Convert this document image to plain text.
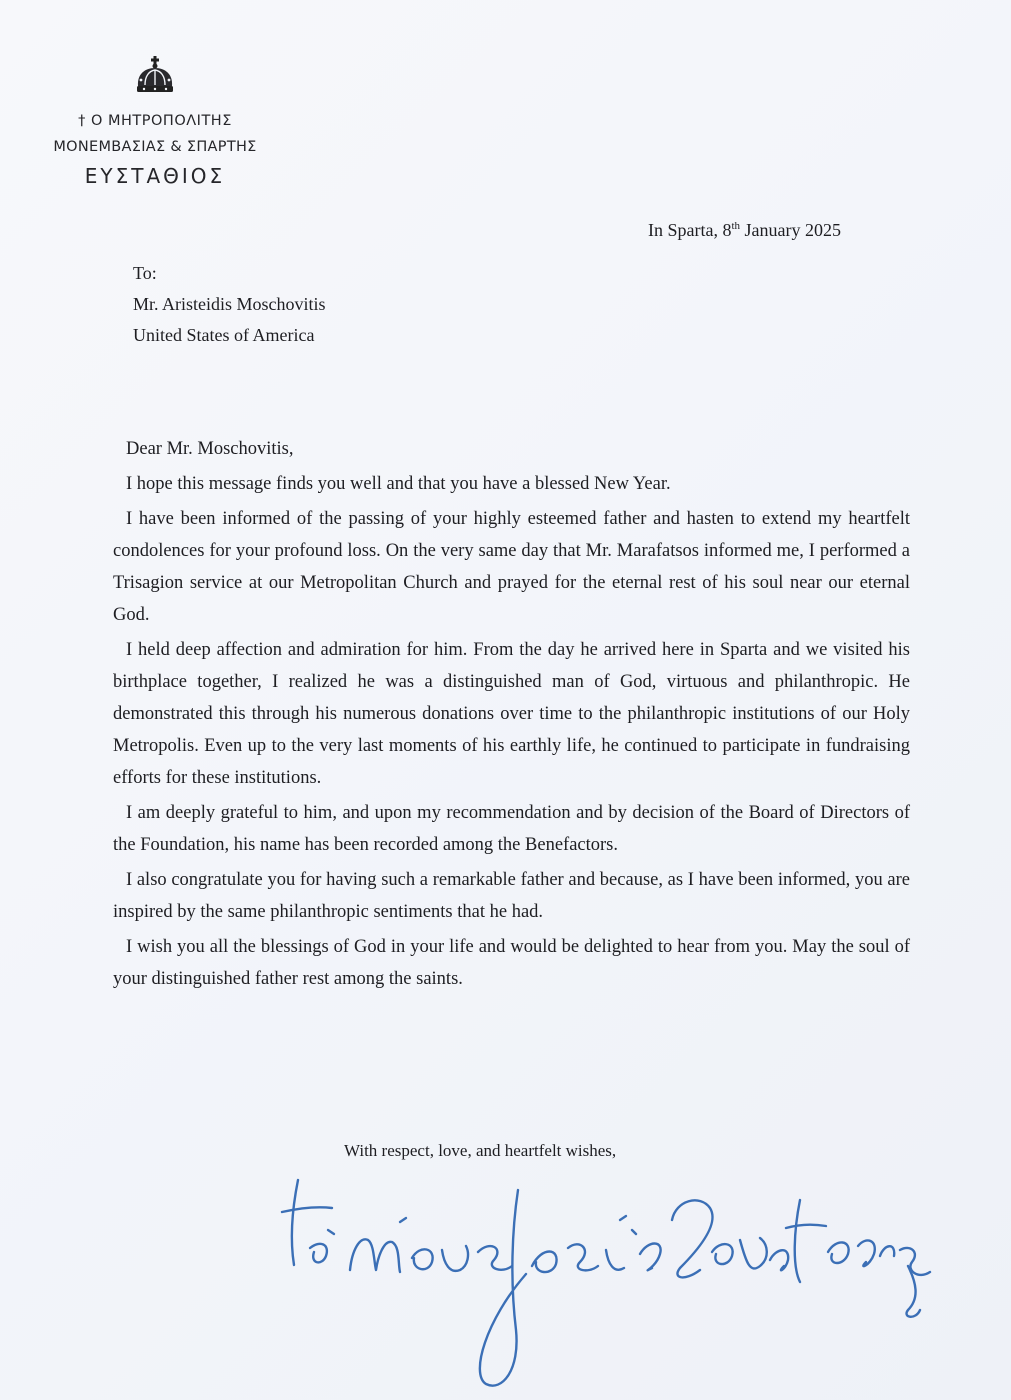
† Ο ΜΗΤΡΟΠΟΛΙΤΗΣ
ΜΟΝΕΜΒΑΣΙΑΣ & ΣΠΑΡΤΗΣ
ΕΥΣΤΑΘΙΟΣ
In Sparta, 8th January 2025
To:
Mr. Aristeidis Moschovitis
United States of America
Dear Mr. Moschovitis,

I hope this message finds you well and that you have a blessed New Year.

I have been informed of the passing of your highly esteemed father and hasten to extend my heartfelt condolences for your profound loss. On the very same day that Mr. Marafatsos informed me, I performed a Trisagion service at our Metropolitan Church and prayed for the eternal rest of his soul near our eternal God.

I held deep affection and admiration for him. From the day he arrived here in Sparta and we visited his birthplace together, I realized he was a distinguished man of God, virtuous and philanthropic. He demonstrated this through his numerous donations over time to the philanthropic institutions of our Holy Metropolis. Even up to the very last moments of his earthly life, he continued to participate in fundraising efforts for these institutions.

I am deeply grateful to him, and upon my recommendation and by decision of the Board of Directors of the Foundation, his name has been recorded among the Benefactors.

I also congratulate you for having such a remarkable father and because, as I have been informed, you are inspired by the same philanthropic sentiments that he had.

I wish you all the blessings of God in your life and would be delighted to hear from you. May the soul of your distinguished father rest among the saints.

With respect, love, and heartfelt wishes,
